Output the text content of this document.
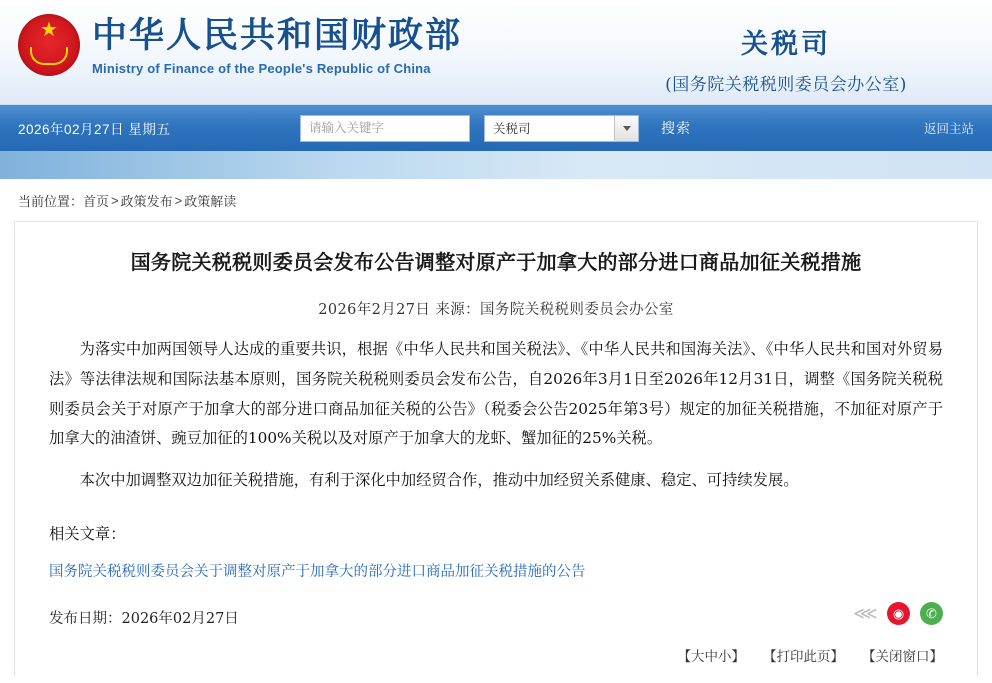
★
中华人民共和国财政部
Ministry of Finance of the People's Republic of China
关税司
(国务院关税税则委员会办公室)
2026年02月27日 星期五
请输入关键字	关税司	搜索	返回主站
当前位置： 首页 > 政策发布 > 政策解读
国务院关税税则委员会发布公告调整对原产于加拿大的部分进口商品加征关税措施
2026年2月27日 来源：国务院关税税则委员会办公室

为落实中加两国领导人达成的重要共识，根据《中华人民共和国关税法》、《中华人民共和国海关法》、《中华人民共和国对外贸易法》等法律法规和国际法基本原则，国务院关税税则委员会发布公告，自2026年3月1日至2026年12月31日，调整《国务院关税税则委员会关于对原产于加拿大的部分进口商品加征关税的公告》（税委会公告2025年第3号）规定的加征关税措施，不加征对原产于加拿大的油渣饼、豌豆加征的100%关税以及对原产于加拿大的龙虾、蟹加征的25%关税。

本次中加调整双边加征关税措施，有利于深化中加经贸合作，推动中加经贸关系健康、稳定、可持续发展。

相关文章：
国务院关税税则委员会关于调整对原产于加拿大的部分进口商品加征关税措施的公告
发布日期：2026年02月27日	⋘	◉	✆
【大中小】 【打印此页】 【关闭窗口】
